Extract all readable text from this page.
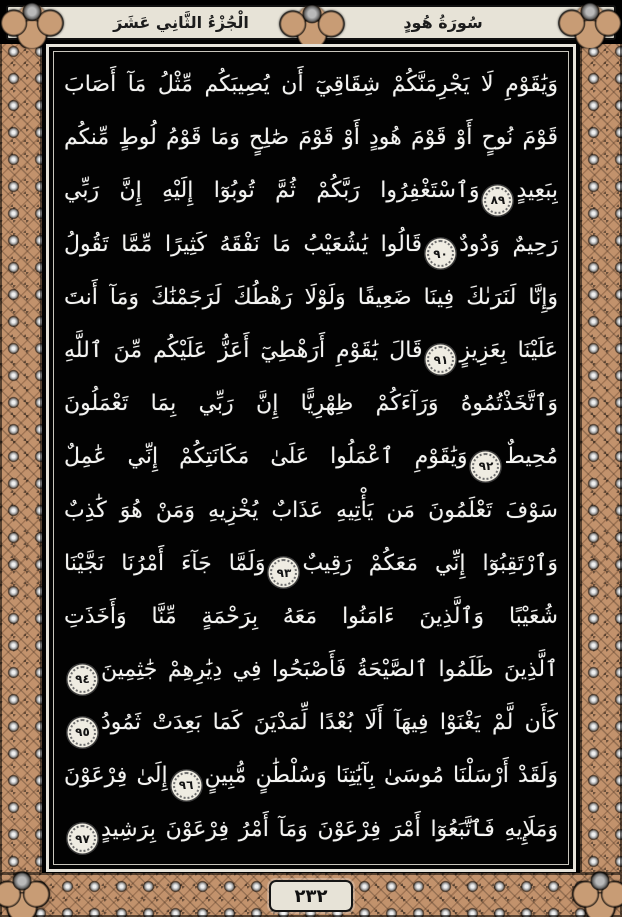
٢٣٢
الْجُزْءُ الثَّانِي عَشَرَ	سُورَةُ هُودٍ
وَيَٰقَوْمِ لَا يَجْرِمَنَّكُمْ شِقَاقِيٓ أَن يُصِيبَكُم مِّثْلُ مَآ أَصَابَ
قَوْمَ نُوحٍ أَوْ قَوْمَ هُودٍ أَوْ قَوْمَ صَٰلِحٍ وَمَا قَوْمُ لُوطٍ مِّنكُم
بِبَعِيدٍ٨٩وَٱسْتَغْفِرُوا رَبَّكُمْ ثُمَّ تُوبُوٓا إِلَيْهِ إِنَّ رَبِّي
رَحِيمٌ وَدُودٌ٩٠قَالُوا يَٰشُعَيْبُ مَا نَفْقَهُ كَثِيرًا مِّمَّا تَقُولُ
وَإِنَّا لَنَرَىٰكَ فِينَا ضَعِيفًا وَلَوْلَا رَهْطُكَ لَرَجَمْنَٰكَ وَمَآ أَنتَ
عَلَيْنَا بِعَزِيزٍ٩١قَالَ يَٰقَوْمِ أَرَهْطِيٓ أَعَزُّ عَلَيْكُم مِّنَ ٱللَّهِ
وَٱتَّخَذْتُمُوهُ وَرَآءَكُمْ ظِهْرِيًّا إِنَّ رَبِّي بِمَا تَعْمَلُونَ
مُحِيطٌ٩٢وَيَٰقَوْمِ ٱعْمَلُوا عَلَىٰ مَكَانَتِكُمْ إِنِّي عَٰمِلٌ
سَوْفَ تَعْلَمُونَ مَن يَأْتِيهِ عَذَابٌ يُخْزِيهِ وَمَنْ هُوَ كَٰذِبٌ
وَٱرْتَقِبُوٓا إِنِّي مَعَكُمْ رَقِيبٌ٩٣وَلَمَّا جَآءَ أَمْرُنَا نَجَّيْنَا
شُعَيْبًا وَٱلَّذِينَ ءَامَنُوا مَعَهُ بِرَحْمَةٍ مِّنَّا وَأَخَذَتِ
ٱلَّذِينَ ظَلَمُوا ٱلصَّيْحَةُ فَأَصْبَحُوا فِي دِيَٰرِهِمْ جَٰثِمِينَ٩٤
كَأَن لَّمْ يَغْنَوْا فِيهَآ أَلَا بُعْدًا لِّمَدْيَنَ كَمَا بَعِدَتْ ثَمُودُ٩٥
وَلَقَدْ أَرْسَلْنَا مُوسَىٰ بِآيَٰتِنَا وَسُلْطَٰنٍ مُّبِينٍ٩٦إِلَىٰ فِرْعَوْنَ
وَمَلَإِيهِ فَٱتَّبَعُوٓا أَمْرَ فِرْعَوْنَ وَمَآ أَمْرُ فِرْعَوْنَ بِرَشِيدٍ٩٧
